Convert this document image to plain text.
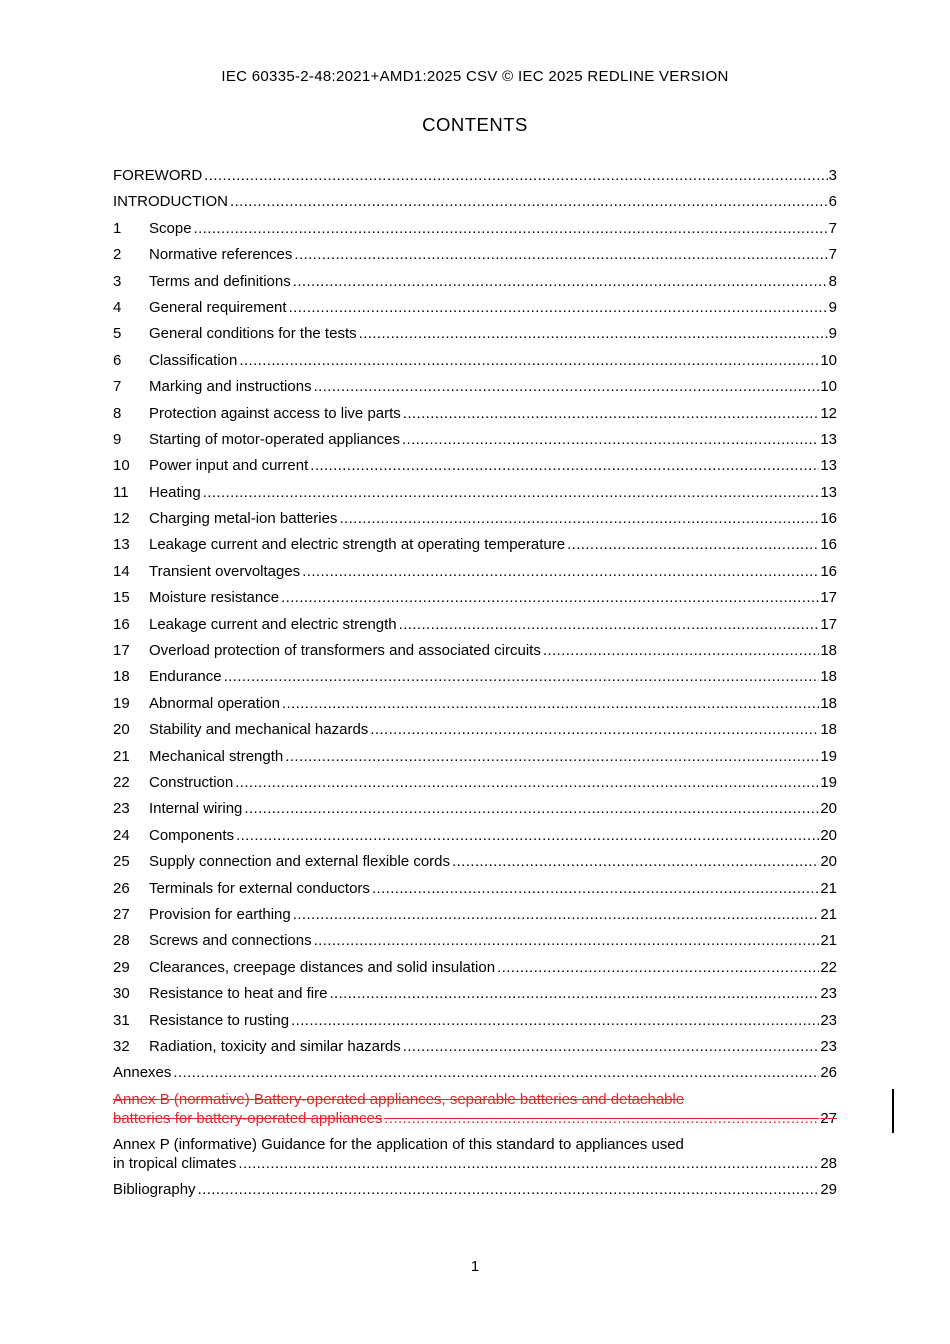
IEC 60335-2-48:2021+AMD1:2025 CSV © IEC 2025 REDLINE VERSION
CONTENTS
FOREWORD .....	3
INTRODUCTION .....	6
1	Scope .....	7
2	Normative references .....	7
3	Terms and definitions .....	8
4	General requirement .....	9
5	General conditions for the tests .....	9
6	Classification .....	10
7	Marking and instructions .....	10
8	Protection against access to live parts .....	12
9	Starting of motor-operated appliances .....	13
10	Power input and current .....	13
11	Heating .....	13
12	Charging metal-ion batteries .....	16
13	Leakage current and electric strength at operating temperature .....	16
14	Transient overvoltages .....	16
15	Moisture resistance .....	17
16	Leakage current and electric strength .....	17
17	Overload protection of transformers and associated circuits .....	18
18	Endurance .....	18
19	Abnormal operation .....	18
20	Stability and mechanical hazards .....	18
21	Mechanical strength .....	19
22	Construction .....	19
23	Internal wiring .....	20
24	Components .....	20
25	Supply connection and external flexible cords .....	20
26	Terminals for external conductors .....	21
27	Provision for earthing .....	21
28	Screws and connections .....	21
29	Clearances, creepage distances and solid insulation .....	22
30	Resistance to heat and fire .....	23
31	Resistance to rusting .....	23
32	Radiation, toxicity and similar hazards .....	23
Annexes .....	26
Annex B (normative) Battery-operated appliances, separable batteries and detachable
batteries for battery-operated appliances .....	27
Annex P (informative) Guidance for the application of this standard to appliances used
in tropical climates .....	28
Bibliography .....	29
1
